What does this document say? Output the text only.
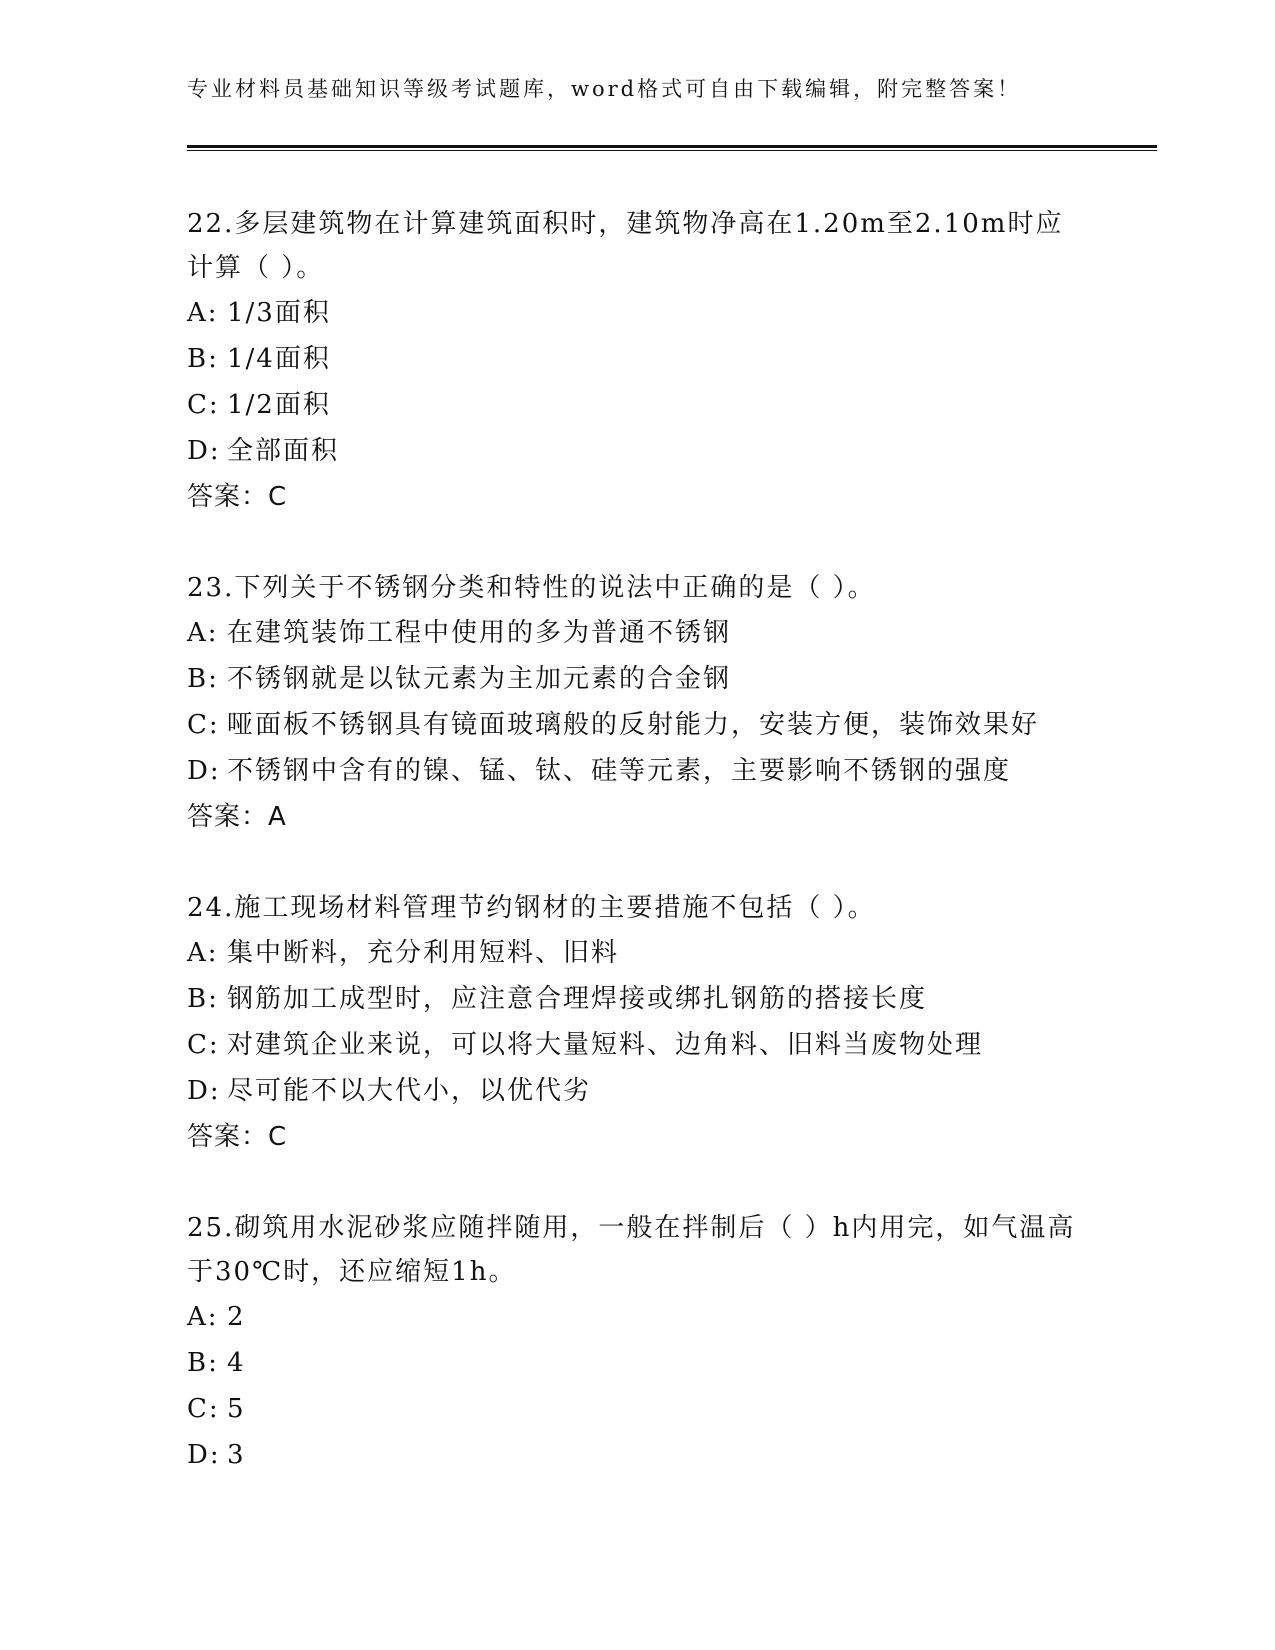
专业材料员基础知识等级考试题库，word格式可自由下载编辑，附完整答案！

22.多层建筑物在计算建筑面积时，建筑物净高在1.20m至2.10m时应计算（ ）。

A: 1/3面积
B: 1/4面积
C: 1/2面积
D: 全部面积
答案：C

23.下列关于不锈钢分类和特性的说法中正确的是（ ）。

A: 在建筑装饰工程中使用的多为普通不锈钢
B: 不锈钢就是以钛元素为主加元素的合金钢
C: 哑面板不锈钢具有镜面玻璃般的反射能力，安装方便，装饰效果好
D: 不锈钢中含有的镍、锰、钛、硅等元素，主要影响不锈钢的强度
答案：A

24.施工现场材料管理节约钢材的主要措施不包括（ ）。

A: 集中断料，充分利用短料、旧料
B: 钢筋加工成型时，应注意合理焊接或绑扎钢筋的搭接长度
C: 对建筑企业来说，可以将大量短料、边角料、旧料当废物处理
D: 尽可能不以大代小，以优代劣
答案：C

25.砌筑用水泥砂浆应随拌随用，一般在拌制后（ ）h内用完，如气温高于30℃时，还应缩短1h。

A: 2
B: 4
C: 5
D: 3
